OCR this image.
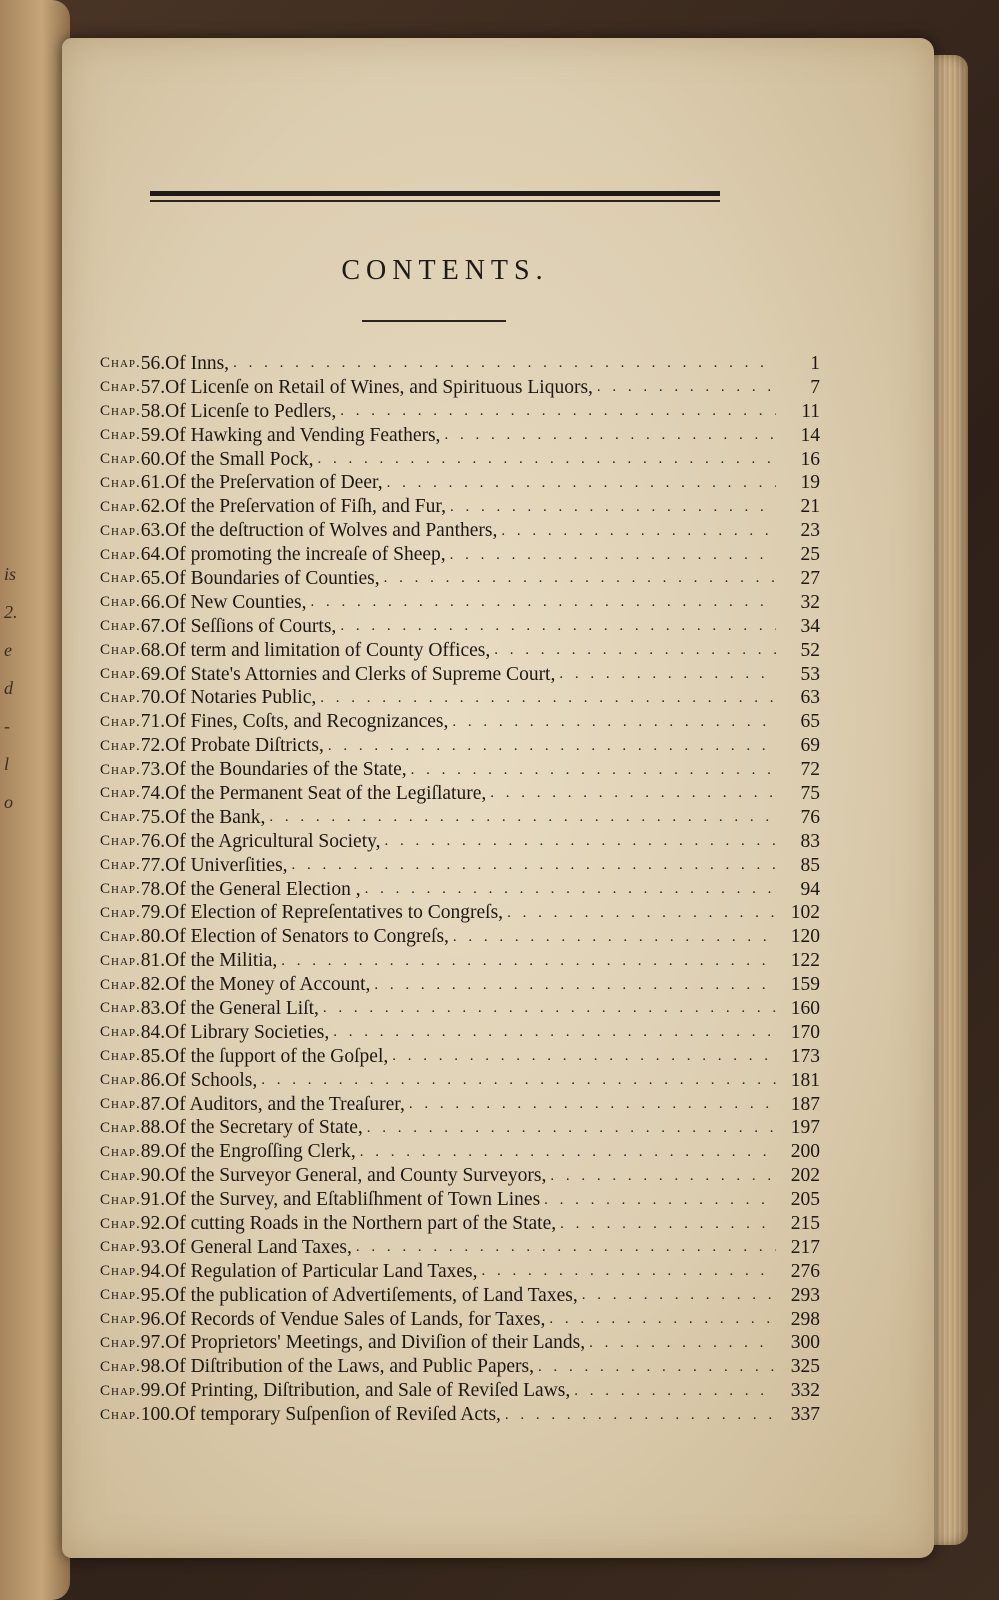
is
2.
e
d
-
l
o
CONTENTS.
Chap. 56. Of Inns, . . .	1
Chap. 57. Of Licenſe on Retail of Wines, and Spirituous Liquors, . . .	7
Chap. 58. Of Licenſe to Pedlers, . . .	11
Chap. 59. Of Hawking and Vending Feathers, . . .	14
Chap. 60. Of the Small Pock, . . .	16
Chap. 61. Of the Preſervation of Deer, . . .	19
Chap. 62. Of the Preſervation of Fiſh, and Fur, . . .	21
Chap. 63. Of the deſtruction of Wolves and Panthers, . . .	23
Chap. 64. Of promoting the increaſe of Sheep, . . .	25
Chap. 65. Of Boundaries of Counties, . . .	27
Chap. 66. Of New Counties, . . .	32
Chap. 67. Of Seſſions of Courts, . . .	34
Chap. 68. Of term and limitation of County Offices, . . .	52
Chap. 69. Of State's Attornies and Clerks of Supreme Court, . . .	53
Chap. 70. Of Notaries Public, . . .	63
Chap. 71. Of Fines, Coſts, and Recognizances, . . .	65
Chap. 72. Of Probate Diſtricts, . . .	69
Chap. 73. Of the Boundaries of the State, . . .	72
Chap. 74. Of the Permanent Seat of the Legiſlature, . . .	75
Chap. 75. Of the Bank, . . .	76
Chap. 76. Of the Agricultural Society, . . .	83
Chap. 77. Of Univerſities, . . .	85
Chap. 78. Of the General Election , . . .	94
Chap. 79. Of Election of Repreſentatives to Congreſs, . . .	102
Chap. 80. Of Election of Senators to Congreſs, . . .	120
Chap. 81. Of the Militia, . . .	122
Chap. 82. Of the Money of Account, . . .	159
Chap. 83. Of the General Liſt, . . .	160
Chap. 84. Of Library Societies, . . .	170
Chap. 85. Of the ſupport of the Goſpel, . . .	173
Chap. 86. Of Schools, . . .	181
Chap. 87. Of Auditors, and the Treaſurer, . . .	187
Chap. 88. Of the Secretary of State, . . .	197
Chap. 89. Of the Engroſſing Clerk, . . .	200
Chap. 90. Of the Surveyor General, and County Surveyors, . . .	202
Chap. 91. Of the Survey, and Eſtabliſhment of Town Lines . . .	205
Chap. 92. Of cutting Roads in the Northern part of the State, . . .	215
Chap. 93. Of General Land Taxes, . . .	217
Chap. 94. Of Regulation of Particular Land Taxes, . . .	276
Chap. 95. Of the publication of Advertiſements, of Land Taxes, . . .	293
Chap. 96. Of Records of Vendue Sales of Lands, for Taxes, . . .	298
Chap. 97. Of Proprietors' Meetings, and Diviſion of their Lands, . . .	300
Chap. 98. Of Diſtribution of the Laws, and Public Papers, . . .	325
Chap. 99. Of Printing, Diſtribution, and Sale of Reviſed Laws, . . .	332
Chap. 100. Of temporary Suſpenſion of Reviſed Acts, . . .	337
